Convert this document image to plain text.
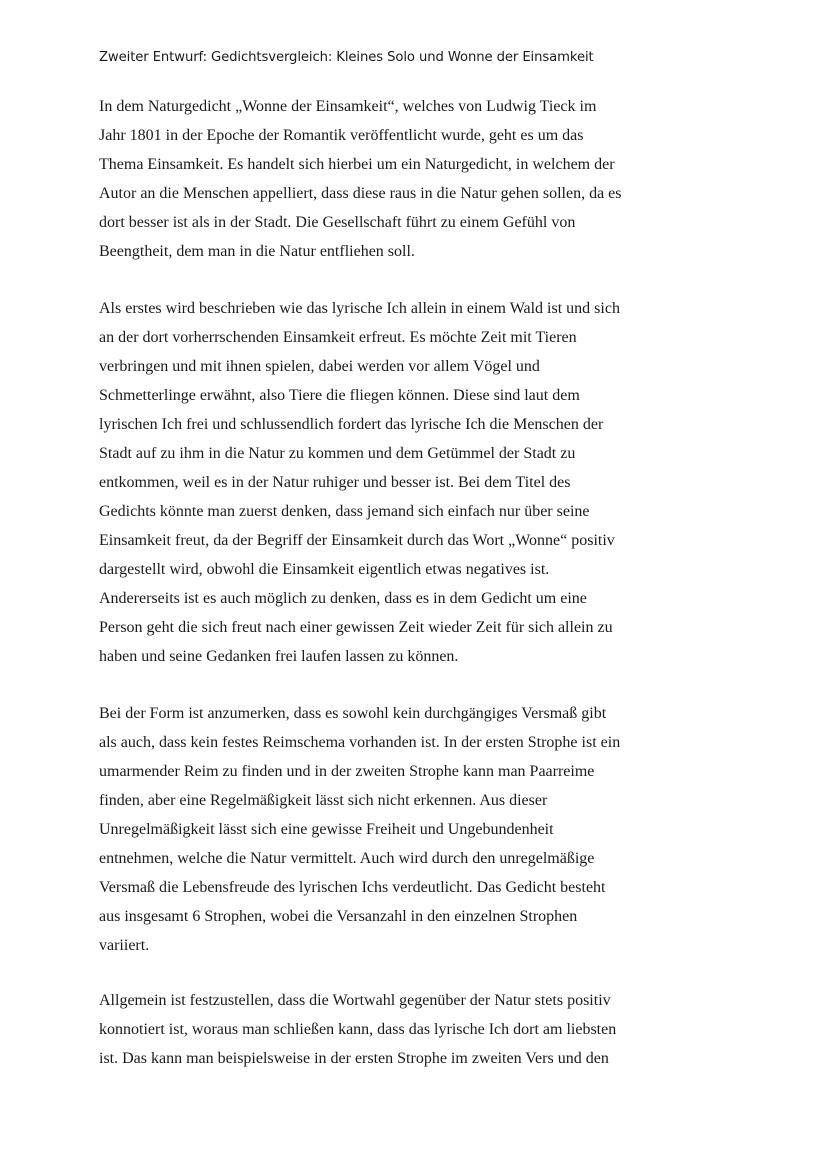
Zweiter Entwurf: Gedichtsvergleich: Kleines Solo und Wonne der Einsamkeit
In dem Naturgedicht „Wonne der Einsamkeit“, welches von Ludwig Tieck im
Jahr 1801 in der Epoche der Romantik veröffentlicht wurde, geht es um das
Thema Einsamkeit. Es handelt sich hierbei um ein Naturgedicht, in welchem der
Autor an die Menschen appelliert, dass diese raus in die Natur gehen sollen, da es
dort besser ist als in der Stadt. Die Gesellschaft führt zu einem Gefühl von
Beengtheit, dem man in die Natur entfliehen soll.
Als erstes wird beschrieben wie das lyrische Ich allein in einem Wald ist und sich
an der dort vorherrschenden Einsamkeit erfreut. Es möchte Zeit mit Tieren
verbringen und mit ihnen spielen, dabei werden vor allem Vögel und
Schmetterlinge erwähnt, also Tiere die fliegen können. Diese sind laut dem
lyrischen Ich frei und schlussendlich fordert das lyrische Ich die Menschen der
Stadt auf zu ihm in die Natur zu kommen und dem Getümmel der Stadt zu
entkommen, weil es in der Natur ruhiger und besser ist. Bei dem Titel des
Gedichts könnte man zuerst denken, dass jemand sich einfach nur über seine
Einsamkeit freut, da der Begriff der Einsamkeit durch das Wort „Wonne“ positiv
dargestellt wird, obwohl die Einsamkeit eigentlich etwas negatives ist.
Andererseits ist es auch möglich zu denken, dass es in dem Gedicht um eine
Person geht die sich freut nach einer gewissen Zeit wieder Zeit für sich allein zu
haben und seine Gedanken frei laufen lassen zu können.
Bei der Form ist anzumerken, dass es sowohl kein durchgängiges Versmaß gibt
als auch, dass kein festes Reimschema vorhanden ist. In der ersten Strophe ist ein
umarmender Reim zu finden und in der zweiten Strophe kann man Paarreime
finden, aber eine Regelmäßigkeit lässt sich nicht erkennen. Aus dieser
Unregelmäßigkeit lässt sich eine gewisse Freiheit und Ungebundenheit
entnehmen, welche die Natur vermittelt. Auch wird durch den unregelmäßige
Versmaß die Lebensfreude des lyrischen Ichs verdeutlicht. Das Gedicht besteht
aus insgesamt 6 Strophen, wobei die Versanzahl in den einzelnen Strophen
variiert.
Allgemein ist festzustellen, dass die Wortwahl gegenüber der Natur stets positiv
konnotiert ist, woraus man schließen kann, dass das lyrische Ich dort am liebsten
ist. Das kann man beispielsweise in der ersten Strophe im zweiten Vers und den
